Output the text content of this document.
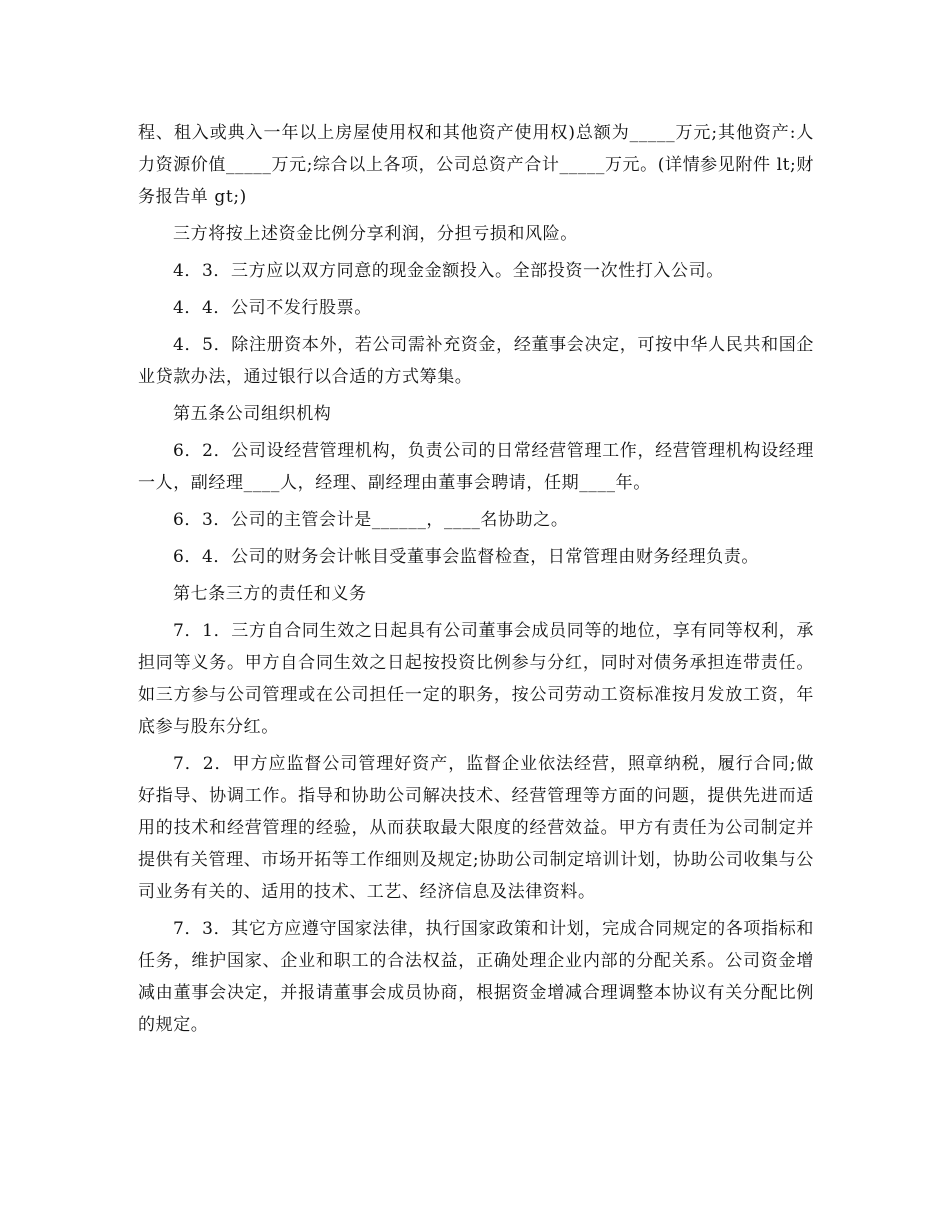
程、租入或典入一年以上房屋使用权和其他资产使用权)总额为_____万元;其他资产:人力资源价值_____万元;综合以上各项，公司总资产合计_____万元。(详情参见附件 lt;财务报告单 gt;)

三方将按上述资金比例分享利润，分担亏损和风险。

4．3．三方应以双方同意的现金金额投入。全部投资一次性打入公司。

4．4．公司不发行股票。

4．5．除注册资本外，若公司需补充资金，经董事会决定，可按中华人民共和国企业贷款办法，通过银行以合适的方式筹集。

第五条公司组织机构

6．2．公司设经营管理机构，负责公司的日常经营管理工作，经营管理机构设经理一人，副经理____人，经理、副经理由董事会聘请，任期____年。

6．3．公司的主管会计是______，____名协助之。

6．4．公司的财务会计帐目受董事会监督检查，日常管理由财务经理负责。

第七条三方的责任和义务

7．1．三方自合同生效之日起具有公司董事会成员同等的地位，享有同等权利，承担同等义务。甲方自合同生效之日起按投资比例参与分红，同时对债务承担连带责任。如三方参与公司管理或在公司担任一定的职务，按公司劳动工资标准按月发放工资，年底参与股东分红。

7．2．甲方应监督公司管理好资产，监督企业依法经营，照章纳税，履行合同;做好指导、协调工作。指导和协助公司解决技术、经营管理等方面的问题，提供先进而适用的技术和经营管理的经验，从而获取最大限度的经营效益。甲方有责任为公司制定并提供有关管理、市场开拓等工作细则及规定;协助公司制定培训计划，协助公司收集与公司业务有关的、适用的技术、工艺、经济信息及法律资料。

7．3．其它方应遵守国家法律，执行国家政策和计划，完成合同规定的各项指标和任务，维护国家、企业和职工的合法权益，正确处理企业内部的分配关系。公司资金增减由董事会决定，并报请董事会成员协商，根据资金增减合理调整本协议有关分配比例的规定。
